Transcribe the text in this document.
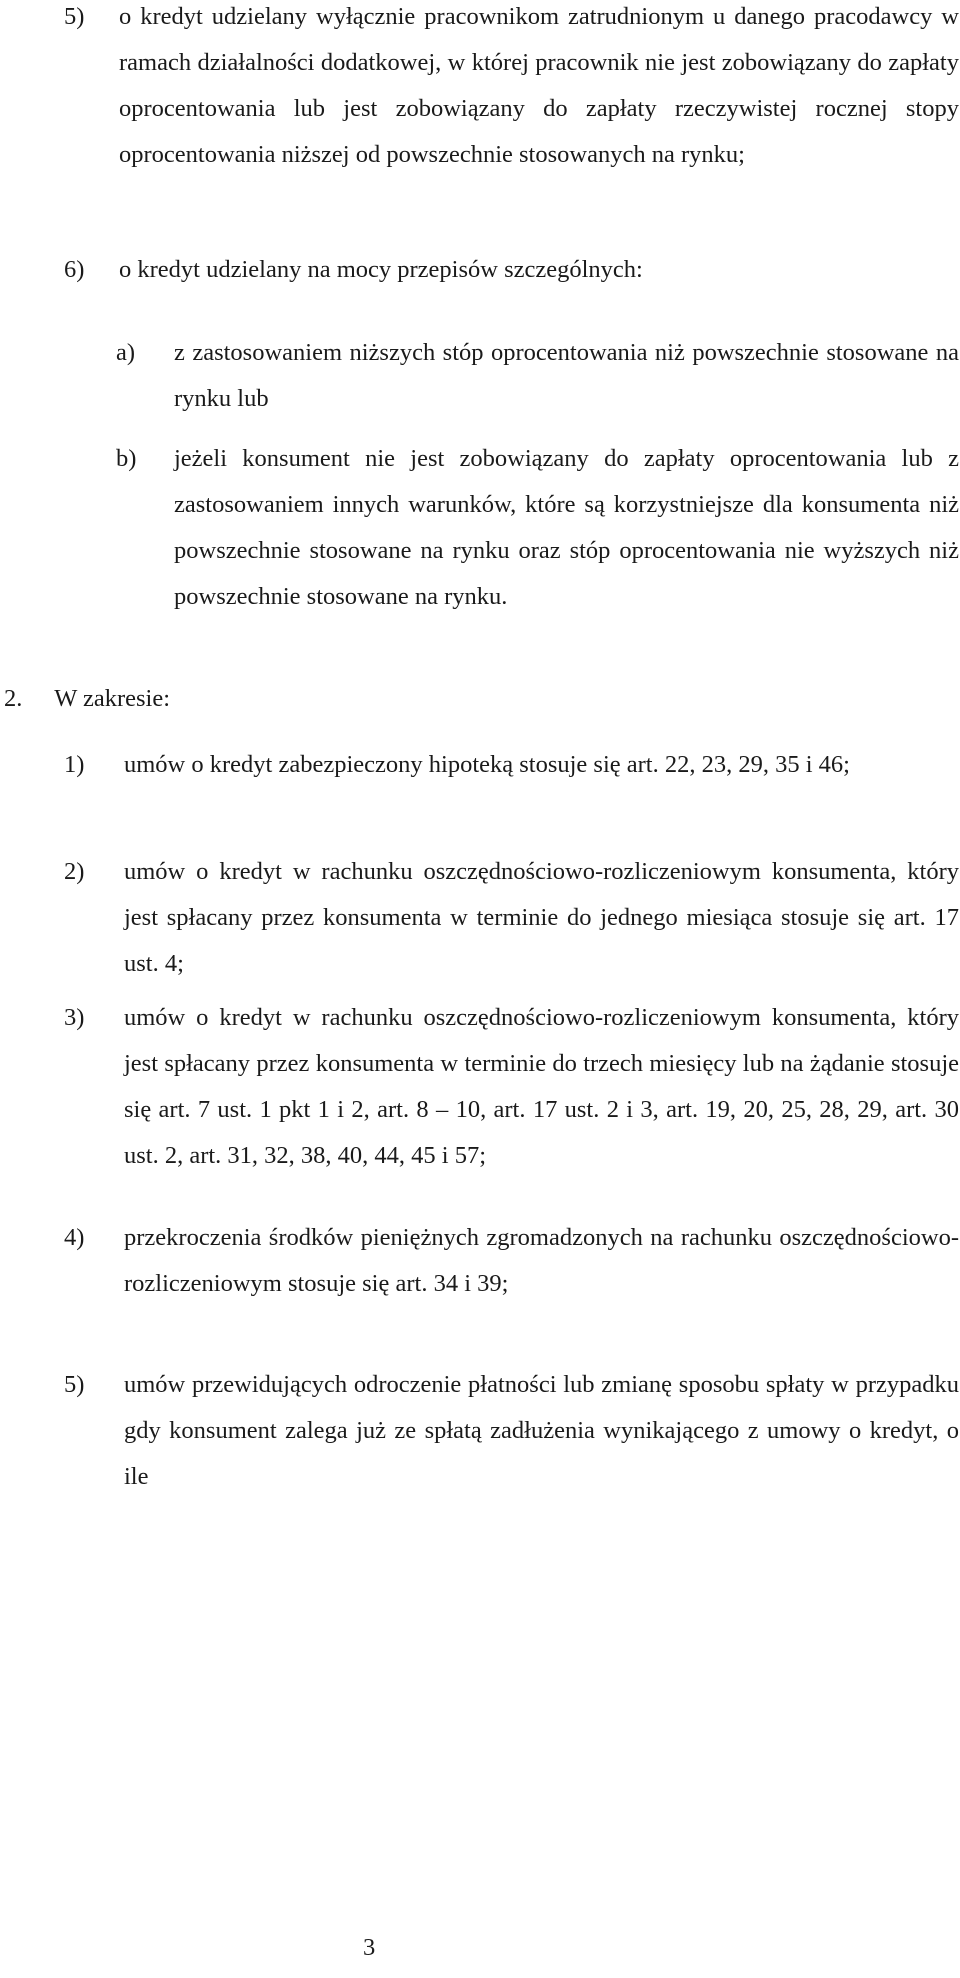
5) o kredyt udzielany wyłącznie pracownikom zatrudnionym u danego pracodawcy w ramach działalności dodatkowej, w której pracownik nie jest zobowiązany do zapłaty oprocentowania lub jest zobowiązany do zapłaty rzeczywistej rocznej stopy oprocentowania niższej od powszechnie stosowanych na rynku;
6) o kredyt udzielany na mocy przepisów szczególnych:
a) z zastosowaniem niższych stóp oprocentowania niż powszechnie stosowane na rynku lub
b) jeżeli konsument nie jest zobowiązany do zapłaty oprocentowania lub z zastosowaniem innych warunków, które są korzystniejsze dla konsumenta niż powszechnie stosowane na rynku oraz stóp oprocentowania nie wyższych niż powszechnie stosowane na rynku.
2. W zakresie:
1) umów o kredyt zabezpieczony hipoteką stosuje się art. 22, 23, 29, 35 i 46;
2) umów o kredyt w rachunku oszczędnościowo-rozliczeniowym konsumenta, który jest spłacany przez konsumenta w terminie do jednego miesiąca stosuje się art. 17 ust. 4;
3) umów o kredyt w rachunku oszczędnościowo-rozliczeniowym konsumenta, który jest spłacany przez konsumenta w terminie do trzech miesięcy lub na żądanie stosuje się art. 7 ust. 1 pkt 1 i 2, art. 8 – 10, art. 17 ust. 2 i 3, art. 19, 20, 25, 28, 29, art. 30 ust. 2, art. 31, 32, 38, 40, 44, 45 i 57;
4) przekroczenia środków pieniężnych zgromadzonych na rachunku oszczędnościowo-rozliczeniowym stosuje się art. 34 i 39;
5) umów przewidujących odroczenie płatności lub zmianę sposobu spłaty w przypadku gdy konsument zalega już ze spłatą zadłużenia wynikającego z umowy o kredyt, o ile
3
